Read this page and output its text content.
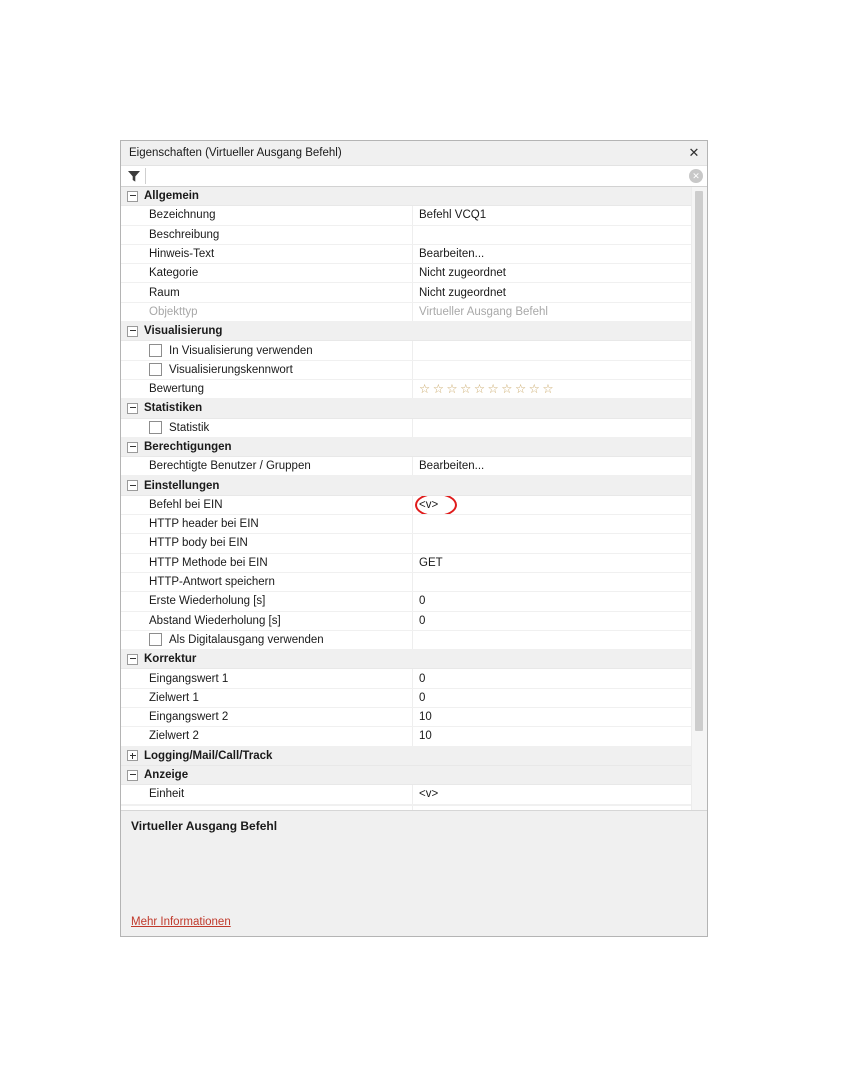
Eigenschaften (Virtueller Ausgang Befehl)	✕
✕
Allgemein
Bezeichnung	Befehl VCQ1
Beschreibung
Hinweis-Text	Bearbeiten...
Kategorie	Nicht zugeordnet
Raum	Nicht zugeordnet
Objekttyp	Virtueller Ausgang Befehl
Visualisierung
In Visualisierung verwenden
Visualisierungskennwort
Bewertung	☆☆☆☆☆☆☆☆☆☆
Statistiken
Statistik
Berechtigungen
Berechtigte Benutzer / Gruppen	Bearbeiten...
Einstellungen
Befehl bei EIN	<v>
HTTP header bei EIN
HTTP body bei EIN
HTTP Methode bei EIN	GET
HTTP-Antwort speichern
Erste Wiederholung [s]	0
Abstand Wiederholung [s]	0
Als Digitalausgang verwenden
Korrektur
Eingangswert 1	0
Zielwert 1	0
Eingangswert 2	10
Zielwert 2	10
Logging/Mail/Call/Track
Anzeige
Einheit	<v>
Virtueller Ausgang Befehl
Mehr Informationen
